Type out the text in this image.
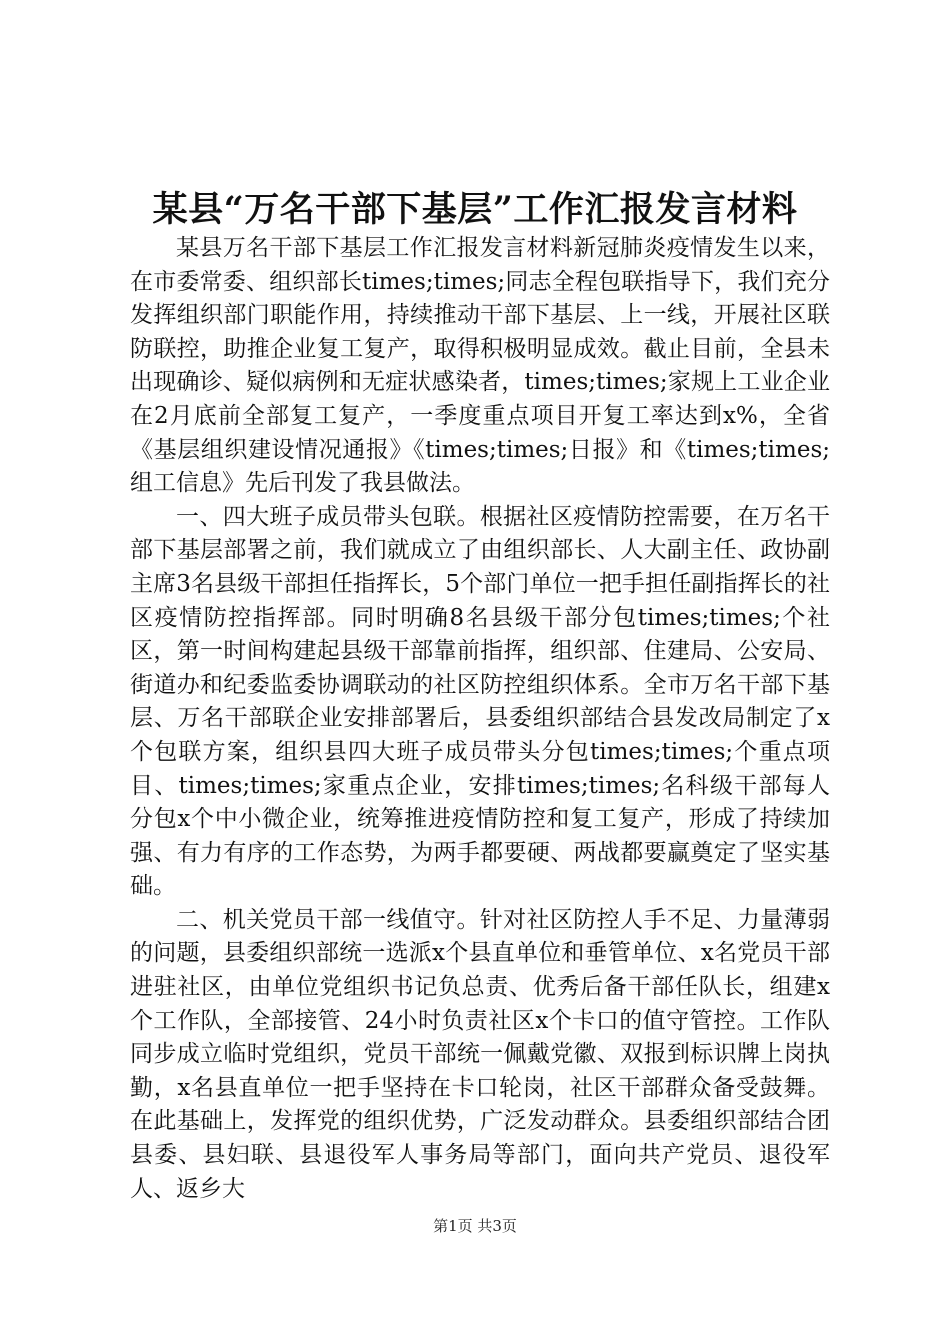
某县“万名干部下基层”工作汇报发言材料

某县万名干部下基层工作汇报发言材料新冠肺炎疫情发生以来，在市委常委、组织部长times;times;同志全程包联指导下，我们充分发挥组织部门职能作用，持续推动干部下基层、上一线，开展社区联防联控，助推企业复工复产，取得积极明显成效。截止目前，全县未出现确诊、疑似病例和无症状感染者，times;times;家规上工业企业在2月底前全部复工复产，一季度重点项目开复工率达到x%，全省《基层组织建设情况通报》《times;times;日报》和《times;times;组工信息》先后刊发了我县做法。

一、四大班子成员带头包联。根据社区疫情防控需要，在万名干部下基层部署之前，我们就成立了由组织部长、人大副主任、政协副主席3名县级干部担任指挥长，5个部门单位一把手担任副指挥长的社区疫情防控指挥部。同时明确8名县级干部分包times;times;个社区，第一时间构建起县级干部靠前指挥，组织部、住建局、公安局、街道办和纪委监委协调联动的社区防控组织体系。全市万名干部下基层、万名干部联企业安排部署后，县委组织部结合县发改局制定了x个包联方案，组织县四大班子成员带头分包times;times;个重点项目、times;times;家重点企业，安排times;times;名科级干部每人分包x个中小微企业，统筹推进疫情防控和复工复产，形成了持续加强、有力有序的工作态势，为两手都要硬、两战都要赢奠定了坚实基础。

二、机关党员干部一线值守。针对社区防控人手不足、力量薄弱的问题，县委组织部统一选派x个县直单位和垂管单位、x名党员干部进驻社区，由单位党组织书记负总责、优秀后备干部任队长，组建x个工作队，全部接管、24小时负责社区x个卡口的值守管控。工作队同步成立临时党组织，党员干部统一佩戴党徽、双报到标识牌上岗执勤，x名县直单位一把手坚持在卡口轮岗，社区干部群众备受鼓舞。在此基础上，发挥党的组织优势，广泛发动群众。县委组织部结合团县委、县妇联、县退役军人事务局等部门，面向共产党员、退役军人、返乡大

第1页 共3页
